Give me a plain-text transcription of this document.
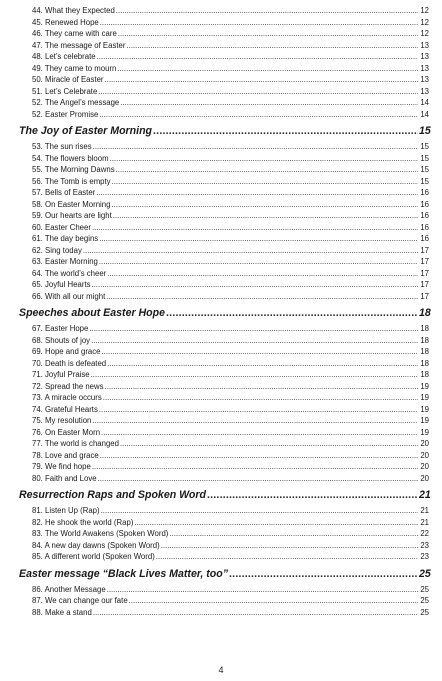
44. What they Expected .....	12
45. Renewed Hope .....	12
46. They came with care .....	12
47. The message of Easter .....	13
48. Let’s celebrate .....	13
49. They came to mourn .....	13
50. Miracle of Easter .....	13
51. Let’s Celebrate .....	13
52. The Angel’s message .....	14
52. Easter Promise .....	14
The Joy of Easter Morning .....	15
53. The sun rises .....	15
54. The flowers bloom .....	15
55. The Morning Dawns .....	15
56. The Tomb is empty .....	15
57. Bells of Easter .....	16
58. On Easter Morning .....	16
59. Our hearts are light .....	16
60. Easter Cheer .....	16
61. The day begins .....	16
62. Sing today .....	17
63. Easter Morning .....	17
64. The world’s cheer .....	17
65. Joyful Hearts .....	17
66. With all our might .....	17
Speeches about Easter Hope .....	18
67. Easter Hope .....	18
68. Shouts of joy .....	18
69. Hope and grace .....	18
70. Death is defeated .....	18
71. Joyful Praise .....	18
72. Spread the news .....	19
73. A miracle occurs .....	19
74. Grateful Hearts .....	19
75. My resolution .....	19
76. On Easter Morn .....	19
77. The world is changed .....	20
78. Love and grace .....	20
79. We find hope .....	20
80. Faith and Love .....	20
Resurrection Raps and Spoken Word .....	21
81. Listen Up (Rap) .....	21
82. He shook the world (Rap) .....	21
83. The World Awakens (Spoken Word) .....	22
84. A new day dawns (Spoken Word) .....	23
85. A different world (Spoken Word) .....	23
Easter message “Black Lives Matter, too” .....	25
86. Another Message .....	25
87. We can change our fate .....	25
88. Make a stand .....	25
4
